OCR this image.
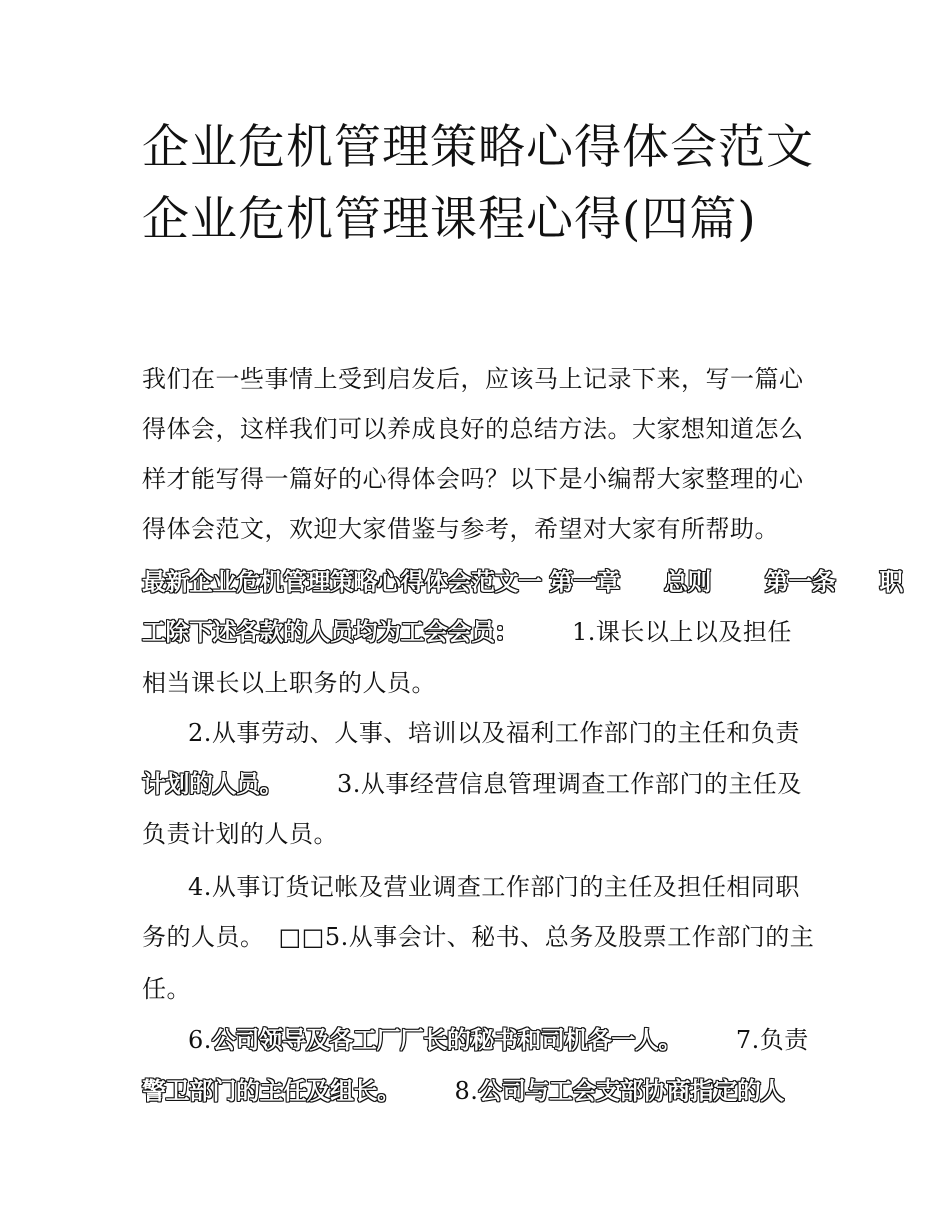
企业危机管理策略心得体会范文 企业危机管理课程心得(四篇)
我们在一些事情上受到启发后，应该马上记录下来，写一篇心
得体会，这样我们可以养成良好的总结方法。大家想知道怎么
样才能写得一篇好的心得体会吗？以下是小编帮大家整理的心
得体会范文，欢迎大家借鉴与参考，希望对大家有所帮助。
最新企业危机管理策略心得体会范文一 第一章 总则 第一条 职
工除下述各款的人员均为工会会员： 1.课长以上以及担任
相当课长以上职务的人员。
2.从事劳动、人事、培训以及福利工作部门的主任和负责
计划的人员。 3.从事经营信息管理调查工作部门的主任及
负责计划的人员。
4.从事订货记帐及营业调查工作部门的主任及担任相同职
务的人员。 □□5.从事会计、秘书、总务及股票工作部门的主
任。
6.公司领导及各工厂厂长的秘书和司机各一人。 7.负责
警卫部门的主任及组长。 8.公司与工会支部协商指定的人
